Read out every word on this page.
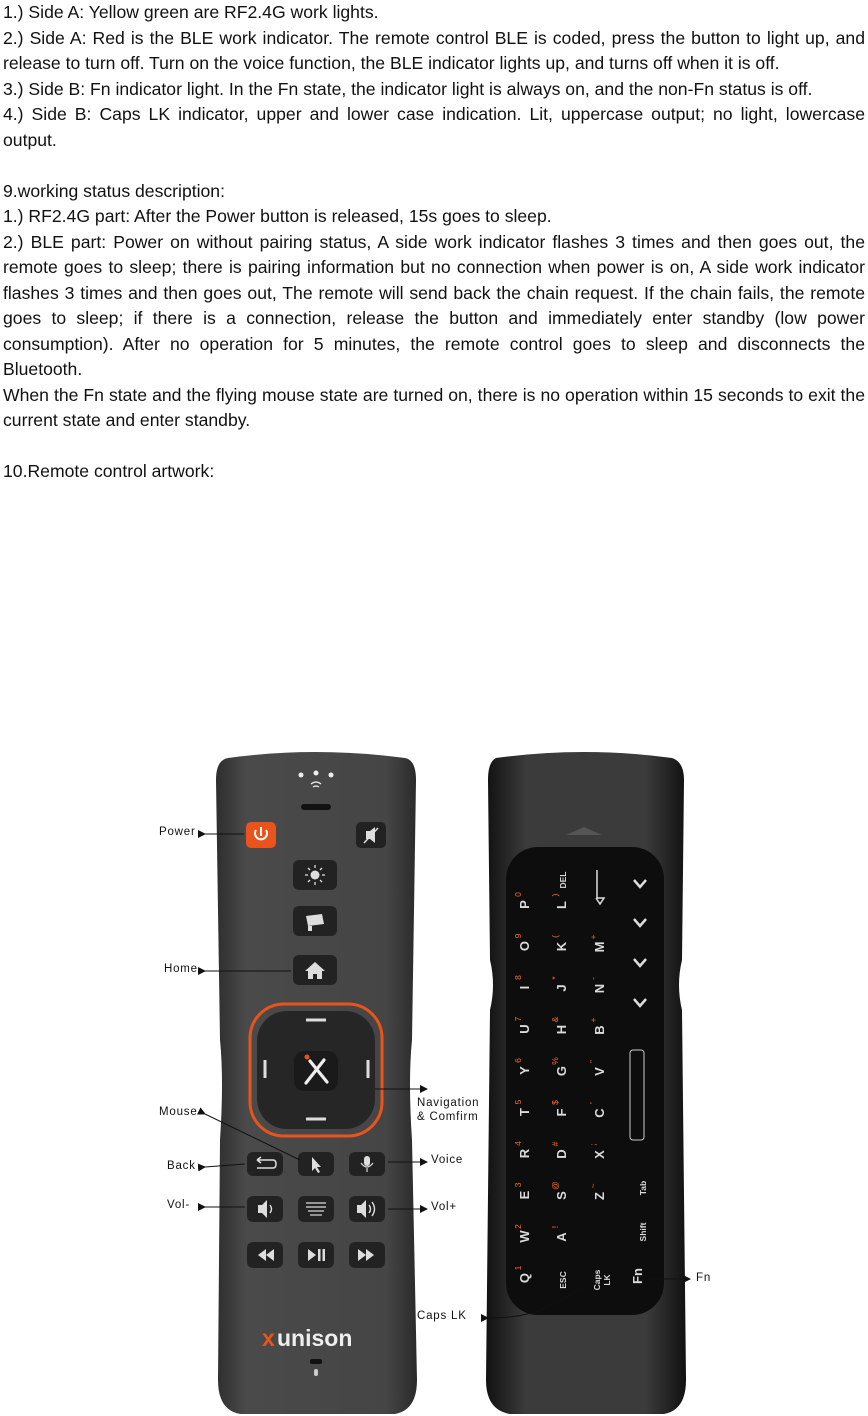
1.) Side A: Yellow green are RF2.4G work lights.

2.) Side A: Red is the BLE work indicator. The remote control BLE is coded, press the button to light up, and release to turn off. Turn on the voice function, the BLE indicator lights up, and turns off when it is off.

3.) Side B: Fn indicator light. In the Fn state, the indicator light is always on, and the non-Fn status is off.

4.) Side B: Caps LK indicator, upper and lower case indication. Lit, uppercase output; no light, lowercase output.

9.working status description:

1.) RF2.4G part: After the Power button is released, 15s goes to sleep.

2.) BLE part: Power on without pairing status, A side work indicator flashes 3 times and then goes out, the remote goes to sleep; there is pairing information but no connection when power is on, A side work indicator flashes 3 times and then goes out, The remote will send back the chain request. If the chain fails, the remote goes to sleep; if there is a connection, release the button and immediately enter standby (low power consumption). After no operation for 5 minutes, the remote control goes to sleep and disconnects the Bluetooth.

When the Fn state and the flying mouse state are turned on, there is no operation within 15 seconds to exit the current state and enter standby.

10.Remote control artwork:

x unison
Q
1
W
2
E
3
R
4
T
5
Y
6
U
7
I
8
O
9
P
0
A
!
S
@
D
#
F
$
G
%
H
&
J
*
K
(
L
)
ESC
Z
~
X
;
C
'
V
"
B
+
N
-
M
+
Caps LK Fn
Shift
Tab
DEL
Power
Home
Navigation
& Comfirm
Mouse
Back	Voice
Vol-	Vol+
Caps LK
Fn
